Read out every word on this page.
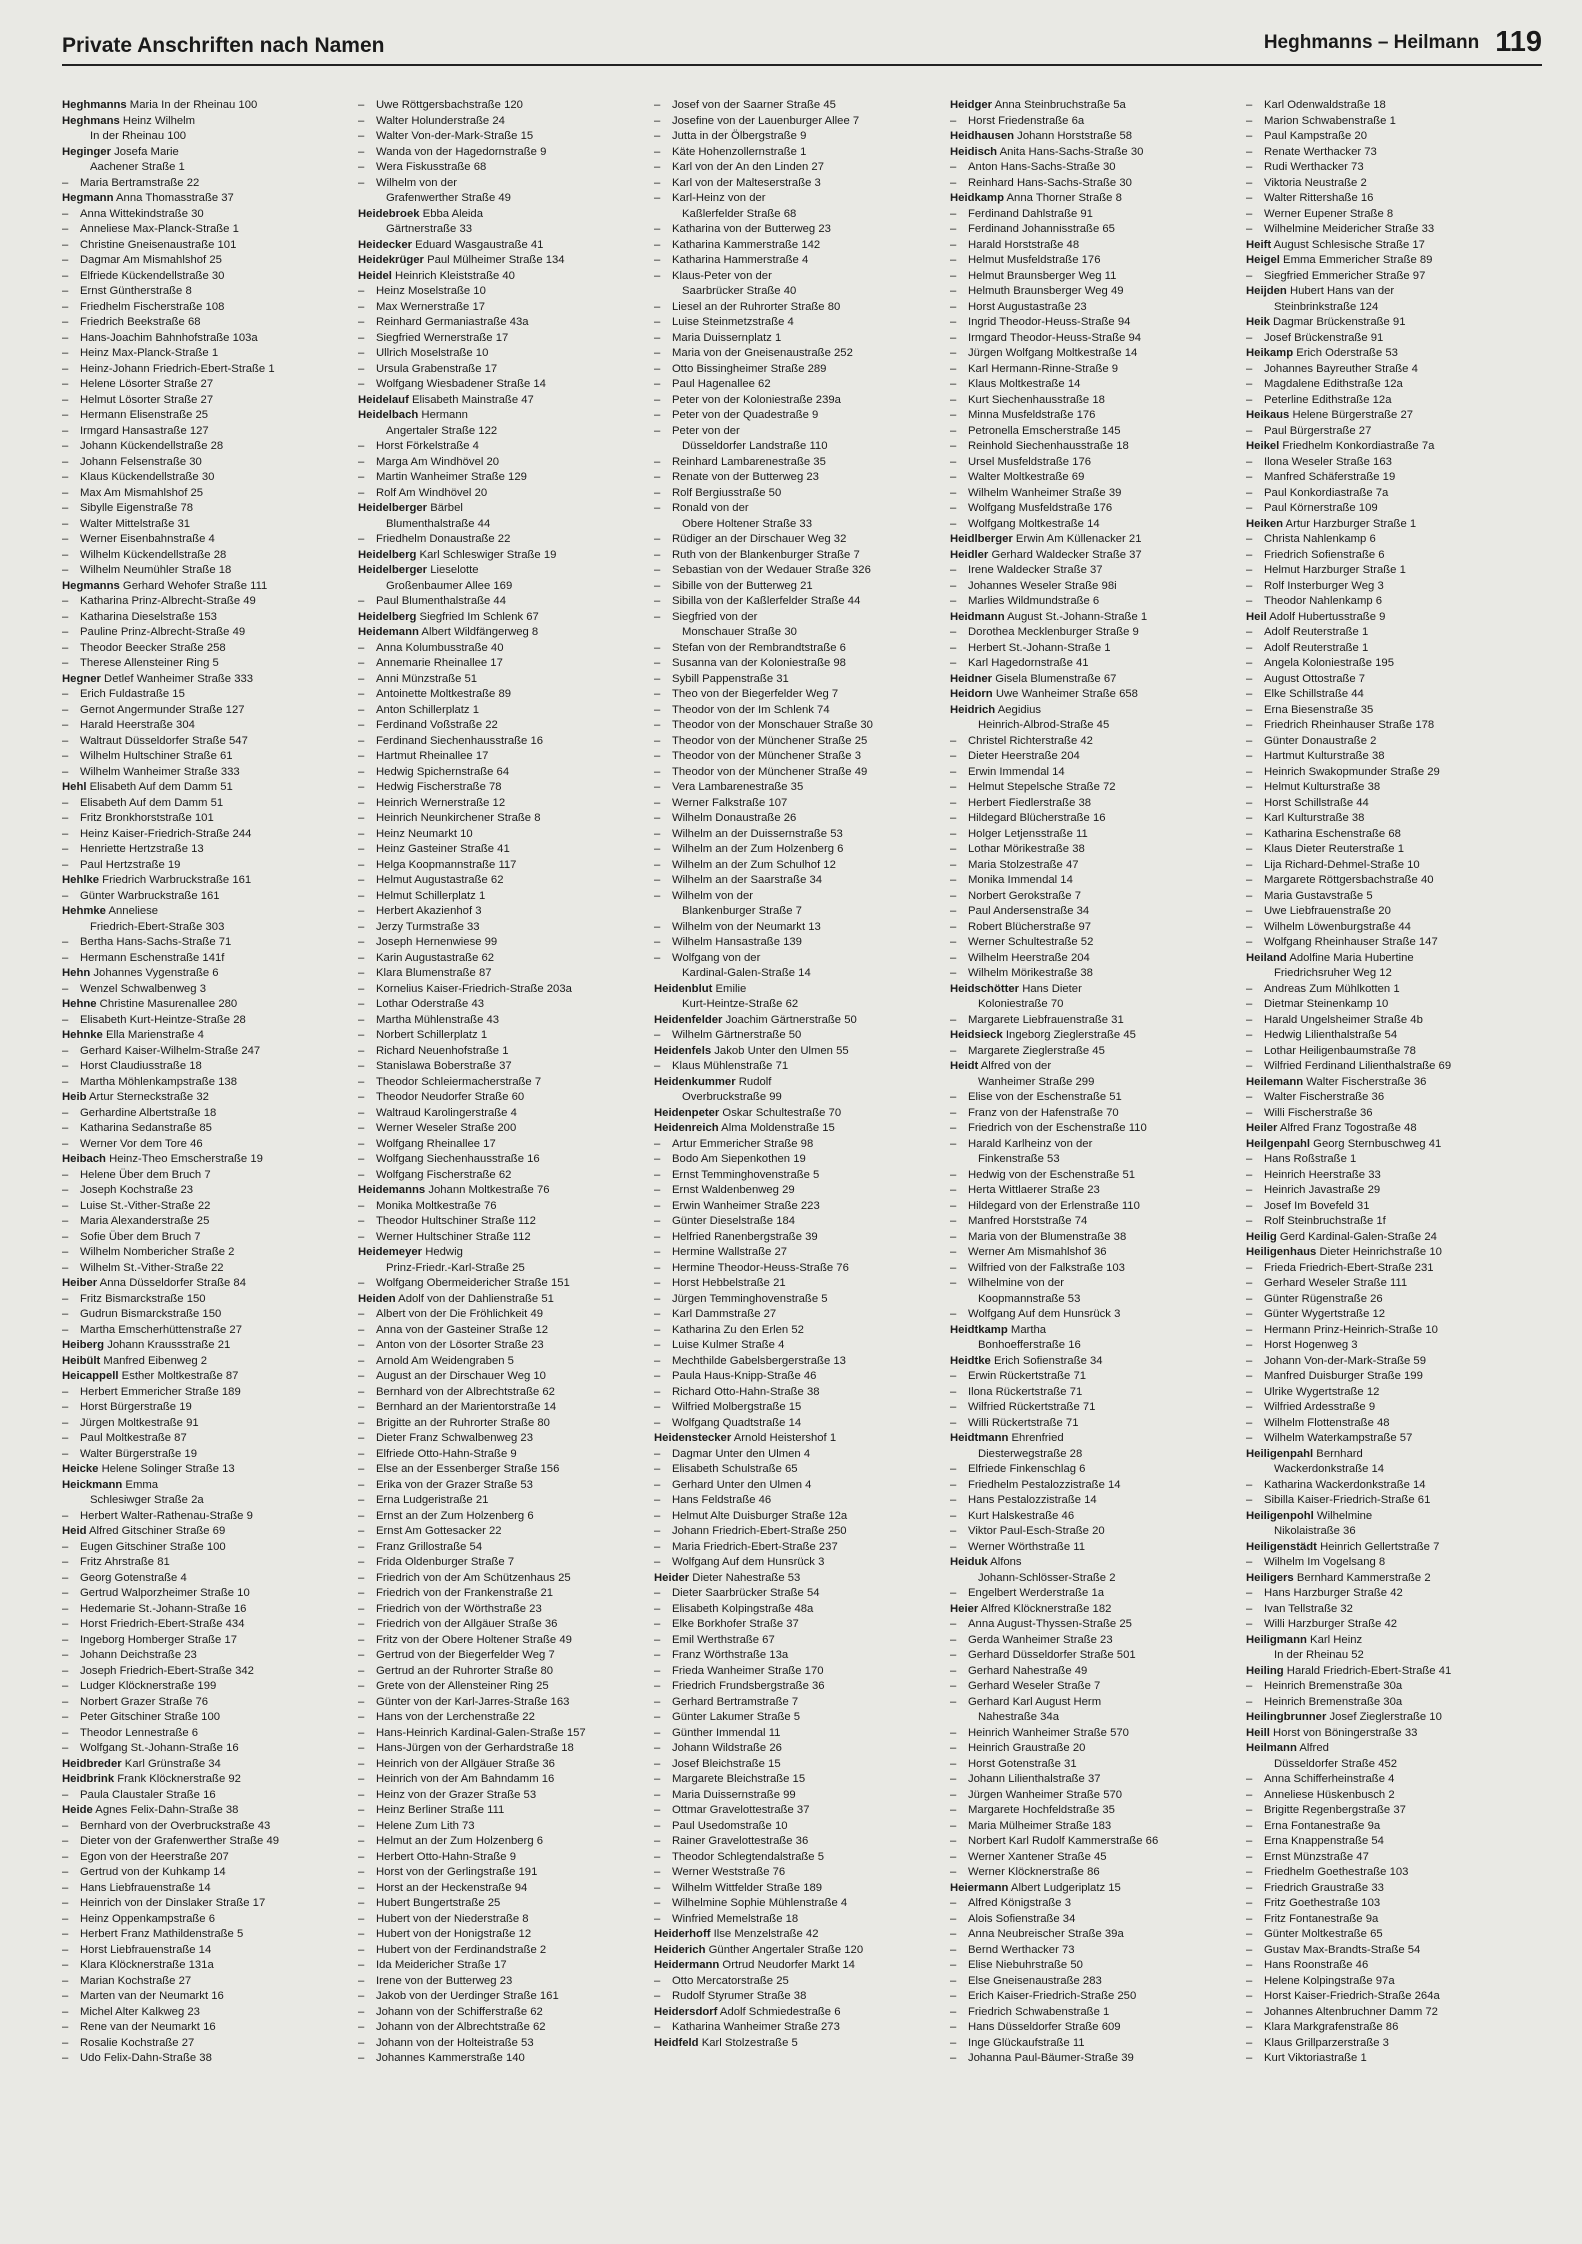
Private Anschriften nach Namen	Heghmanns – Heilmann 119
Heghmanns Maria In der Rheinau 100
Heghmans Heinz Wilhelm
In der Rheinau 100
Heginger Josefa Marie
Aachener Straße 1
– Maria Bertramstraße 22
Hegmann Anna Thomasstraße 37
– Anna Wittekindstraße 30
– Anneliese Max-Planck-Straße 1
– Christine Gneisenaustraße 101
– Dagmar Am Mismahlshof 25
– Elfriede Kückendellstraße 30
– Ernst Güntherstraße 8
– Friedhelm Fischerstraße 108
– Friedrich Beekstraße 68
– Hans-Joachim Bahnhofstraße 103a
– Heinz Max-Planck-Straße 1
– Heinz-Johann Friedrich-Ebert-Straße 1
– Helene Lösorter Straße 27
– Helmut Lösorter Straße 27
– Hermann Elisenstraße 25
– Irmgard Hansastraße 127
– Johann Kückendellstraße 28
– Johann Felsenstraße 30
– Klaus Kückendellstraße 30
– Max Am Mismahlshof 25
– Sibylle Eigenstraße 78
– Walter Mittelstraße 31
– Werner Eisenbahnstraße 4
– Wilhelm Kückendellstraße 28
– Wilhelm Neumühler Straße 18
Hegmanns Gerhard Wehofer Straße 111
– Katharina Prinz-Albrecht-Straße 49
– Katharina Dieselstraße 153
– Pauline Prinz-Albrecht-Straße 49
– Theodor Beecker Straße 258
– Therese Allensteiner Ring 5
Hegner Detlef Wanheimer Straße 333
– Erich Fuldastraße 15
– Gernot Angermunder Straße 127
– Harald Heerstraße 304
– Waltraut Düsseldorfer Straße 547
– Wilhelm Hultschiner Straße 61
– Wilhelm Wanheimer Straße 333
Hehl Elisabeth Auf dem Damm 51
– Elisabeth Auf dem Damm 51
– Fritz Bronkhorststraße 101
– Heinz Kaiser-Friedrich-Straße 244
– Henriette Hertzstraße 13
– Paul Hertzstraße 19
Hehlke Friedrich Warbruckstraße 161
– Günter Warbruckstraße 161
Hehmke Anneliese
Friedrich-Ebert-Straße 303
– Bertha Hans-Sachs-Straße 71
– Hermann Eschenstraße 141f
Hehn Johannes Vygenstraße 6
– Wenzel Schwalbenweg 3
Hehne Christine Masurenallee 280
– Elisabeth Kurt-Heintze-Straße 28
Hehnke Ella Marienstraße 4
– Gerhard Kaiser-Wilhelm-Straße 247
– Horst Claudiusstraße 18
– Martha Möhlenkampstraße 138
Heib Artur Sterneckstraße 32
– Gerhardine Albertstraße 18
– Katharina Sedanstraße 85
– Werner Vor dem Tore 46
Heibach Heinz-Theo Emscherstraße 19
– Helene Über dem Bruch 7
– Joseph Kochstraße 23
– Luise St.-Vither-Straße 22
– Maria Alexanderstraße 25
– Sofie Über dem Bruch 7
– Wilhelm Nombericher Straße 2
– Wilhelm St.-Vither-Straße 22
Heiber Anna Düsseldorfer Straße 84
– Fritz Bismarckstraße 150
– Gudrun Bismarckstraße 150
– Martha Emscherhüttenstraße 27
Heiberg Johann Kraussstraße 21
Heibült Manfred Eibenweg 2
Heicappell Esther Moltkestraße 87
– Herbert Emmericher Straße 189
– Horst Bürgerstraße 19
– Jürgen Moltkestraße 91
– Paul Moltkestraße 87
– Walter Bürgerstraße 19
Heicke Helene Solinger Straße 13
Heickmann Emma
Schlesiwger Straße 2a
– Herbert Walter-Rathenau-Straße 9
Heid Alfred Gitschiner Straße 69
– Eugen Gitschiner Straße 100
– Fritz Ahrstraße 81
– Georg Gotenstraße 4
– Gertrud Walporzheimer Straße 10
– Hedemarie St.-Johann-Straße 16
– Horst Friedrich-Ebert-Straße 434
– Ingeborg Homberger Straße 17
– Johann Deichstraße 23
– Joseph Friedrich-Ebert-Straße 342
– Ludger Klöcknerstraße 199
– Norbert Grazer Straße 76
– Peter Gitschiner Straße 100
– Theodor Lennestraße 6
– Wolfgang St.-Johann-Straße 16
Heidbreder Karl Grünstraße 34
Heidbrink Frank Klöcknerstraße 92
– Paula Claustaler Straße 16
Heide Agnes Felix-Dahn-Straße 38
– Bernhard von der Overbruckstraße 43
– Dieter von der Grafenwerther Straße 49
– Egon von der Heerstraße 207
– Gertrud von der Kuhkamp 14
– Hans Liebfrauenstraße 14
– Heinrich von der Dinslaker Straße 17
– Heinz Oppenkampstraße 6
– Herbert Franz Mathildenstraße 5
– Horst Liebfrauenstraße 14
– Klara Klöcknerstraße 131a
– Marian Kochstraße 27
– Marten van der Neumarkt 16
– Michel Alter Kalkweg 23
– Rene van der Neumarkt 16
– Rosalie Kochstraße 27
– Udo Felix-Dahn-Straße 38
– Uwe Röttgersbachstraße 120
– Walter Holunderstraße 24
– Walter Von-der-Mark-Straße 15
– Wanda von der Hagedornstraße 9
– Wera Fiskusstraße 68
– Wilhelm von der
Grafenwerther Straße 49
Heidebroek Ebba Aleida
Gärtnerstraße 33
Heidecker Eduard Wasgaustraße 41
Heidekrüger Paul Mülheimer Straße 134
Heidel Heinrich Kleiststraße 40
– Heinz Moselstraße 10
– Max Wernerstraße 17
– Reinhard Germaniastraße 43a
– Siegfried Wernerstraße 17
– Ullrich Moselstraße 10
– Ursula Grabenstraße 17
– Wolfgang Wiesbadener Straße 14
Heidelauf Elisabeth Mainstraße 47
Heidelbach Hermann
Angertaler Straße 122
– Horst Förkelstraße 4
– Marga Am Windhövel 20
– Martin Wanheimer Straße 129
– Rolf Am Windhövel 20
Heidelberger Bärbel
Blumenthalstraße 44
– Friedhelm Donaustraße 22
Heidelberg Karl Schleswiger Straße 19
Heidelberger Lieselotte
Großenbaumer Allee 169
– Paul Blumenthalstraße 44
Heidelberg Siegfried Im Schlenk 67
Heidemann Albert Wildfängerweg 8
– Anna Kolumbusstraße 40
– Annemarie Rheinallee 17
– Anni Münzstraße 51
– Antoinette Moltkestraße 89
– Anton Schillerplatz 1
– Ferdinand Voßstraße 22
– Ferdinand Siechenhausstraße 16
– Hartmut Rheinallee 17
– Hedwig Spichernstraße 64
– Hedwig Fischerstraße 78
– Heinrich Wernerstraße 12
– Heinrich Neunkirchener Straße 8
– Heinz Neumarkt 10
– Heinz Gasteiner Straße 41
– Helga Koopmannstraße 117
– Helmut Augustastraße 62
– Helmut Schillerplatz 1
– Herbert Akazienhof 3
– Jerzy Turmstraße 33
– Joseph Hernenwiese 99
– Karin Augustastraße 62
– Klara Blumenstraße 87
– Kornelius Kaiser-Friedrich-Straße 203a
– Lothar Oderstraße 43
– Martha Mühlenstraße 43
– Norbert Schillerplatz 1
– Richard Neuenhofstraße 1
– Stanislawa Boberstraße 37
– Theodor Schleiermacherstraße 7
– Theodor Neudorfer Straße 60
– Waltraud Karolingerstraße 4
– Werner Weseler Straße 200
– Wolfgang Rheinallee 17
– Wolfgang Siechenhausstraße 16
– Wolfgang Fischerstraße 62
Heidemanns Johann Moltkestraße 76
– Monika Moltkestraße 76
– Theodor Hultschiner Straße 112
– Werner Hultschiner Straße 112
Heidemeyer Hedwig
Prinz-Friedr.-Karl-Straße 25
– Wolfgang Obermeidericher Straße 151
Heiden Adolf von der Dahlienstraße 51
– Albert von der Die Fröhlichkeit 49
– Anna von der Gasteiner Straße 12
– Anton von der Lösorter Straße 23
– Arnold Am Weidengraben 5
– August an der Dirschauer Weg 10
– Bernhard von der Albrechtstraße 62
– Bernhard an der Marientorstraße 14
– Brigitte an der Ruhrorter Straße 80
– Dieter Franz Schwalbenweg 23
– Elfriede Otto-Hahn-Straße 9
– Else an der Essenberger Straße 156
– Erika von der Grazer Straße 53
– Erna Ludgeristraße 21
– Ernst an der Zum Holzenberg 6
– Ernst Am Gottesacker 22
– Franz Grillostraße 54
– Frida Oldenburger Straße 7
– Friedrich von der Am Schützenhaus 25
– Friedrich von der Frankenstraße 21
– Friedrich von der Wörthstraße 23
– Friedrich von der Allgäuer Straße 36
– Fritz von der Obere Holtener Straße 49
– Gertrud von der Biegerfelder Weg 7
– Gertrud an der Ruhrorter Straße 80
– Grete von der Allensteiner Ring 25
– Günter von der Karl-Jarres-Straße 163
– Hans von der Lerchenstraße 22
– Hans-Heinrich Kardinal-Galen-Straße 157
– Hans-Jürgen von der Gerhardstraße 18
– Heinrich von der Allgäuer Straße 36
– Heinrich von der Am Bahndamm 16
– Heinz von der Grazer Straße 53
– Heinz Berliner Straße 111
– Helene Zum Lith 73
– Helmut an der Zum Holzenberg 6
– Herbert Otto-Hahn-Straße 9
– Horst von der Gerlingstraße 191
– Horst an der Heckenstraße 94
– Hubert Bungertstraße 25
– Hubert von der Niederstraße 8
– Hubert von der Honigstraße 12
– Hubert von der Ferdinandstraße 2
– Ida Meidericher Straße 17
– Irene von der Butterweg 23
– Jakob von der Uerdinger Straße 161
– Johann von der Schifferstraße 62
– Johann von der Albrechtstraße 62
– Johann von der Holteistraße 53
– Johannes Kammerstraße 140
– Josef von der Saarner Straße 45
– Josefine von der Lauenburger Allee 7
– Jutta in der Ölbergstraße 9
– Käte Hohenzollernstraße 1
– Karl von der An den Linden 27
– Karl von der Malteserstraße 3
– Karl-Heinz von der
Kaßlerfelder Straße 68
– Katharina von der Butterweg 23
– Katharina Kammerstraße 142
– Katharina Hammerstraße 4
– Klaus-Peter von der
Saarbrücker Straße 40
– Liesel an der Ruhrorter Straße 80
– Luise Steinmetzstraße 4
– Maria Duissernplatz 1
– Maria von der Gneisenaustraße 252
– Otto Bissingheimer Straße 289
– Paul Hagenallee 62
– Peter von der Koloniestraße 239a
– Peter von der Quadestraße 9
– Peter von der
Düsseldorfer Landstraße 110
– Reinhard Lambarenestraße 35
– Renate von der Butterweg 23
– Rolf Bergiusstraße 50
– Ronald von der
Obere Holtener Straße 33
– Rüdiger an der Dirschauer Weg 32
– Ruth von der Blankenburger Straße 7
– Sebastian von der Wedauer Straße 326
– Sibille von der Butterweg 21
– Sibilla von der Kaßlerfelder Straße 44
– Siegfried von der
Monschauer Straße 30
– Stefan von der Rembrandtstraße 6
– Susanna van der Koloniestraße 98
– Sybill Pappenstraße 31
– Theo von der Biegerfelder Weg 7
– Theodor von der Im Schlenk 74
– Theodor von der Monschauer Straße 30
– Theodor von der Münchener Straße 25
– Theodor von der Münchener Straße 3
– Theodor von der Münchener Straße 49
– Vera Lambarenestraße 35
– Werner Falkstraße 107
– Wilhelm Donaustraße 26
– Wilhelm an der Duissernstraße 53
– Wilhelm an der Zum Holzenberg 6
– Wilhelm an der Zum Schulhof 12
– Wilhelm an der Saarstraße 34
– Wilhelm von der
Blankenburger Straße 7
– Wilhelm von der Neumarkt 13
– Wilhelm Hansastraße 139
– Wolfgang von der
Kardinal-Galen-Straße 14
Heidenblut Emilie
Kurt-Heintze-Straße 62
Heidenfelder Joachim Gärtnerstraße 50
– Wilhelm Gärtnerstraße 50
Heidenfels Jakob Unter den Ulmen 55
– Klaus Mühlenstraße 71
Heidenkummer Rudolf
Overbruckstraße 99
Heidenpeter Oskar Schultestraße 70
Heidenreich Alma Moldenstraße 15
– Artur Emmericher Straße 98
– Bodo Am Siepenkothen 19
– Ernst Temminghovenstraße 5
– Ernst Waldenbenweg 29
– Erwin Wanheimer Straße 223
– Günter Dieselstraße 184
– Helfried Ranenbergstraße 39
– Hermine Wallstraße 27
– Hermine Theodor-Heuss-Straße 76
– Horst Hebbelstraße 21
– Jürgen Temminghovenstraße 5
– Karl Dammstraße 27
– Katharina Zu den Erlen 52
– Luise Kulmer Straße 4
– Mechthilde Gabelsbergerstraße 13
– Paula Haus-Knipp-Straße 46
– Richard Otto-Hahn-Straße 38
– Wilfried Molbergstraße 15
– Wolfgang Quadtstraße 14
Heidenstecker Arnold Heistershof 1
– Dagmar Unter den Ulmen 4
– Elisabeth Schulstraße 65
– Gerhard Unter den Ulmen 4
– Hans Feldstraße 46
– Helmut Alte Duisburger Straße 12a
– Johann Friedrich-Ebert-Straße 250
– Maria Friedrich-Ebert-Straße 237
– Wolfgang Auf dem Hunsrück 3
Heider Dieter Nahestraße 53
– Dieter Saarbrücker Straße 54
– Elisabeth Kolpingstraße 48a
– Elke Borkhofer Straße 37
– Emil Werthstraße 67
– Franz Wörthstraße 13a
– Frieda Wanheimer Straße 170
– Friedrich Frundsbergstraße 36
– Gerhard Bertramstraße 7
– Günter Lakumer Straße 5
– Günther Immendal 11
– Johann Wildstraße 26
– Josef Bleichstraße 15
– Margarete Bleichstraße 15
– Maria Duissernstraße 99
– Ottmar Gravelottestraße 37
– Paul Usedomstraße 10
– Rainer Gravelottestraße 36
– Theodor Schlegtendalstraße 5
– Werner Weststraße 76
– Wilhelm Wittfelder Straße 189
– Wilhelmine Sophie Mühlenstraße 4
– Winfried Memelstraße 18
Heiderhoff Ilse Menzelstraße 42
Heiderich Günther Angertaler Straße 120
Heidermann Ortrud Neudorfer Markt 14
– Otto Mercatorstraße 25
– Rudolf Styrumer Straße 38
Heidersdorf Adolf Schmiedestraße 6
– Katharina Wanheimer Straße 273
Heidfeld Karl Stolzestraße 5
Heidger Anna Steinbruchstraße 5a
– Horst Friedenstraße 6a
Heidhausen Johann Horststraße 58
Heidisch Anita Hans-Sachs-Straße 30
– Anton Hans-Sachs-Straße 30
– Reinhard Hans-Sachs-Straße 30
Heidkamp Anna Thorner Straße 8
– Ferdinand Dahlstraße 91
– Ferdinand Johannisstraße 65
– Harald Horststraße 48
– Helmut Musfeldstraße 176
– Helmut Braunsberger Weg 11
– Helmuth Braunsberger Weg 49
– Horst Augustastraße 23
– Ingrid Theodor-Heuss-Straße 94
– Irmgard Theodor-Heuss-Straße 94
– Jürgen Wolfgang Moltkestraße 14
– Karl Hermann-Rinne-Straße 9
– Klaus Moltkestraße 14
– Kurt Siechenhausstraße 18
– Minna Musfeldstraße 176
– Petronella Emscherstraße 145
– Reinhold Siechenhausstraße 18
– Ursel Musfeldstraße 176
– Walter Moltkestraße 69
– Wilhelm Wanheimer Straße 39
– Wolfgang Musfeldstraße 176
– Wolfgang Moltkestraße 14
Heidlberger Erwin Am Küllenacker 21
Heidler Gerhard Waldecker Straße 37
– Irene Waldecker Straße 37
– Johannes Weseler Straße 98i
– Marlies Wildmundstraße 6
Heidmann August St.-Johann-Straße 1
– Dorothea Mecklenburger Straße 9
– Herbert St.-Johann-Straße 1
– Karl Hagedornstraße 41
Heidner Gisela Blumenstraße 67
Heidorn Uwe Wanheimer Straße 658
Heidrich Aegidius
Heinrich-Albrod-Straße 45
– Christel Richterstraße 42
– Dieter Heerstraße 204
– Erwin Immendal 14
– Helmut Stepelsche Straße 72
– Herbert Fiedlerstraße 38
– Hildegard Blücherstraße 16
– Holger Letjensstraße 11
– Lothar Mörikestraße 38
– Maria Stolzestraße 47
– Monika Immendal 14
– Norbert Gerokstraße 7
– Paul Andersenstraße 34
– Robert Blücherstraße 97
– Werner Schultestraße 52
– Wilhelm Heerstraße 204
– Wilhelm Mörikestraße 38
Heidschötter Hans Dieter
Koloniestraße 70
– Margarete Liebfrauenstraße 31
Heidsieck Ingeborg Zieglerstraße 45
– Margarete Zieglerstraße 45
Heidt Alfred von der
Wanheimer Straße 299
– Elise von der Eschenstraße 51
– Franz von der Hafenstraße 70
– Friedrich von der Eschenstraße 110
– Harald Karlheinz von der
Finkenstraße 53
– Hedwig von der Eschenstraße 51
– Herta Wittlaerer Straße 23
– Hildegard von der Erlenstraße 110
– Manfred Horststraße 74
– Maria von der Blumenstraße 38
– Werner Am Mismahlshof 36
– Wilfried von der Falkstraße 103
– Wilhelmine von der
Koopmannstraße 53
– Wolfgang Auf dem Hunsrück 3
Heidtkamp Martha
Bonhoefferstraße 16
Heidtke Erich Sofienstraße 34
– Erwin Rückertstraße 71
– Ilona Rückertstraße 71
– Wilfried Rückertstraße 71
– Willi Rückertstraße 71
Heidtmann Ehrenfried
Diesterwegstraße 28
– Elfriede Finkenschlag 6
– Friedhelm Pestalozzistraße 14
– Hans Pestalozzistraße 14
– Kurt Halskestraße 46
– Viktor Paul-Esch-Straße 20
– Werner Wörthstraße 11
Heiduk Alfons
Johann-Schlösser-Straße 2
– Engelbert Werderstraße 1a
Heier Alfred Klöcknerstraße 182
– Anna August-Thyssen-Straße 25
– Gerda Wanheimer Straße 23
– Gerhard Düsseldorfer Straße 501
– Gerhard Nahestraße 49
– Gerhard Weseler Straße 7
– Gerhard Karl August Herm
Nahestraße 34a
– Heinrich Wanheimer Straße 570
– Heinrich Graustraße 20
– Horst Gotenstraße 31
– Johann Lilienthalstraße 37
– Jürgen Wanheimer Straße 570
– Margarete Hochfeldstraße 35
– Maria Mülheimer Straße 183
– Norbert Karl Rudolf Kammerstraße 66
– Werner Xantener Straße 45
– Werner Klöcknerstraße 86
Heiermann Albert Ludgeriplatz 15
– Alfred Königstraße 3
– Alois Sofienstraße 34
– Anna Neubreischer Straße 39a
– Bernd Werthacker 73
– Elise Niebuhrstraße 50
– Else Gneisenaustraße 283
– Erich Kaiser-Friedrich-Straße 250
– Friedrich Schwabenstraße 1
– Hans Düsseldorfer Straße 609
– Inge Glückaufstraße 11
– Johanna Paul-Bäumer-Straße 39
– Karl Odenwaldstraße 18
– Marion Schwabenstraße 1
– Paul Kampstraße 20
– Renate Werthacker 73
– Rudi Werthacker 73
– Viktoria Neustraße 2
– Walter Rittershaße 16
– Werner Eupener Straße 8
– Wilhelmine Meidericher Straße 33
Heift August Schlesische Straße 17
Heigel Emma Emmericher Straße 89
– Siegfried Emmericher Straße 97
Heijden Hubert Hans van der
Steinbrinkstraße 124
Heik Dagmar Brückenstraße 91
– Josef Brückenstraße 91
Heikamp Erich Oderstraße 53
– Johannes Bayreuther Straße 4
– Magdalene Edithstraße 12a
– Peterline Edithstraße 12a
Heikaus Helene Bürgerstraße 27
– Paul Bürgerstraße 27
Heikel Friedhelm Konkordiastraße 7a
– Ilona Weseler Straße 163
– Manfred Schäferstraße 19
– Paul Konkordiastraße 7a
– Paul Körnerstraße 109
Heiken Artur Harzburger Straße 1
– Christa Nahlenkamp 6
– Friedrich Sofienstraße 6
– Helmut Harzburger Straße 1
– Rolf Insterburger Weg 3
– Theodor Nahlenkamp 6
Heil Adolf Hubertusstraße 9
– Adolf Reuterstraße 1
– Adolf Reuterstraße 1
– Angela Koloniestraße 195
– August Ottostraße 7
– Elke Schillstraße 44
– Erna Biesenstraße 35
– Friedrich Rheinhauser Straße 178
– Günter Donaustraße 2
– Hartmut Kulturstraße 38
– Heinrich Swakopmunder Straße 29
– Helmut Kulturstraße 38
– Horst Schillstraße 44
– Karl Kulturstraße 38
– Katharina Eschenstraße 68
– Klaus Dieter Reuterstraße 1
– Lija Richard-Dehmel-Straße 10
– Margarete Röttgersbachstraße 40
– Maria Gustavstraße 5
– Uwe Liebfrauenstraße 20
– Wilhelm Löwenburgstraße 44
– Wolfgang Rheinhauser Straße 147
Heiland Adolfine Maria Hubertine
Friedrichsruher Weg 12
– Andreas Zum Mühlkotten 1
– Dietmar Steinenkamp 10
– Harald Ungelsheimer Straße 4b
– Hedwig Lilienthalstraße 54
– Lothar Heiligenbaumstraße 78
– Wilfried Ferdinand Lilienthalstraße 69
Heilemann Walter Fischerstraße 36
– Walter Fischerstraße 36
– Willi Fischerstraße 36
Heiler Alfred Franz Togostraße 48
Heilgenpahl Georg Sternbuschweg 41
– Hans Roßstraße 1
– Heinrich Heerstraße 33
– Heinrich Javastraße 29
– Josef Im Bovefeld 31
– Rolf Steinbruchstraße 1f
Heilig Gerd Kardinal-Galen-Straße 24
Heiligenhaus Dieter Heinrichstraße 10
– Frieda Friedrich-Ebert-Straße 231
– Gerhard Weseler Straße 111
– Günter Rügenstraße 26
– Günter Wygertstraße 12
– Hermann Prinz-Heinrich-Straße 10
– Horst Hogenweg 3
– Johann Von-der-Mark-Straße 59
– Manfred Duisburger Straße 199
– Ulrike Wygertstraße 12
– Wilfried Ardesstraße 9
– Wilhelm Flottenstraße 48
– Wilhelm Waterkampstraße 57
Heiligenpahl Bernhard
Wackerdonkstraße 14
– Katharina Wackerdonkstraße 14
– Sibilla Kaiser-Friedrich-Straße 61
Heiligenpohl Wilhelmine
Nikolaistraße 36
Heiligenstädt Heinrich Gellertstraße 7
– Wilhelm Im Vogelsang 8
Heiligers Bernhard Kammerstraße 2
– Hans Harzburger Straße 42
– Ivan Tellstraße 32
– Willi Harzburger Straße 42
Heiligmann Karl Heinz
In der Rheinau 52
Heiling Harald Friedrich-Ebert-Straße 41
– Heinrich Bremenstraße 30a
– Heinrich Bremenstraße 30a
Heilingbrunner Josef Zieglerstraße 10
Heill Horst von Böningerstraße 33
Heilmann Alfred
Düsseldorfer Straße 452
– Anna Schifferheinstraße 4
– Anneliese Hüskenbusch 2
– Brigitte Regenbergstraße 37
– Erna Fontanestraße 9a
– Erna Knappenstraße 54
– Ernst Münzstraße 47
– Friedhelm Goethestraße 103
– Friedrich Graustraße 33
– Fritz Goethestraße 103
– Fritz Fontanestraße 9a
– Günter Moltkestraße 65
– Gustav Max-Brandts-Straße 54
– Hans Roonstraße 46
– Helene Kolpingstraße 97a
– Horst Kaiser-Friedrich-Straße 264a
– Johannes Altenbruchner Damm 72
– Klara Markgrafenstraße 86
– Klaus Grillparzerstraße 3
– Kurt Viktoriastraße 1
